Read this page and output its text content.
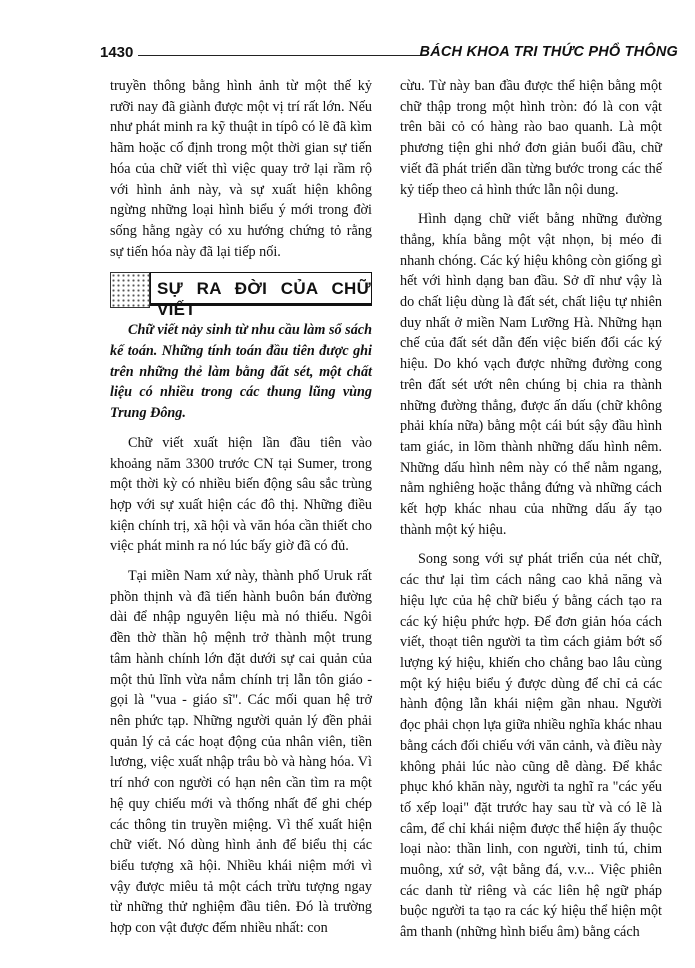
1430	BÁCH KHOA TRI THỨC PHỔ THÔNG

truyền thông bằng hình ảnh từ một thế kỷ rưỡi nay đã giành được một vị trí rất lớn. Nếu như phát minh ra kỹ thuật in típô có lẽ đã kìm hãm hoặc cố định trong một thời gian sự tiến hóa của chữ viết thì việc quay trở lại rầm rộ với hình ảnh này, và sự xuất hiện không ngừng những loại hình biểu ý mới trong đời sống hằng ngày có xu hướng chứng tỏ rằng sự tiến hóa này đã lại tiếp nối.

SỰ RA ĐỜI CỦA CHỮ VIẾT

Chữ viết nảy sinh từ nhu cầu làm sổ sách kế toán. Những tính toán đầu tiên được ghi trên những thẻ làm bằng đất sét, một chất liệu có nhiều trong các thung lũng vùng Trung Đông.

Chữ viết xuất hiện lần đầu tiên vào khoảng năm 3300 trước CN tại Sumer, trong một thời kỳ có nhiều biến động sâu sắc trùng hợp với sự xuất hiện các đô thị. Những điều kiện chính trị, xã hội và văn hóa cần thiết cho việc phát minh ra nó lúc bấy giờ đã có đủ.

Tại miền Nam xứ này, thành phố Uruk rất phồn thịnh và đã tiến hành buôn bán đường dài để nhập nguyên liệu mà nó thiếu. Ngôi đền thờ thần hộ mệnh trở thành một trung tâm hành chính lớn đặt dưới sự cai quản của một thủ lĩnh vừa nắm chính trị lẫn tôn giáo - gọi là "vua - giáo sĩ". Các mối quan hệ trở nên phức tạp. Những người quản lý đền phải quản lý cả các hoạt động của nhân viên, tiền lương, việc xuất nhập trâu bò và hàng hóa. Vì trí nhớ con người có hạn nên cần tìm ra một hệ quy chiếu mới và thống nhất để ghi chép các thông tin truyền miệng. Vì thế xuất hiện chữ viết. Nó dùng hình ảnh để biểu thị các biểu tượng xã hội. Nhiều khái niệm mới vì vậy được miêu tả một cách trừu tượng ngay từ những thử nghiệm đầu tiên. Đó là trường hợp con vật được đếm nhiều nhất: con

cừu. Từ này ban đầu được thể hiện bằng một chữ thập trong một hình tròn: đó là con vật trên bãi cỏ có hàng rào bao quanh. Là một phương tiện ghi nhớ đơn giản buổi đầu, chữ viết đã phát triển dần từng bước trong các thế kỷ tiếp theo cả hình thức lẫn nội dung.

Hình dạng chữ viết bằng những đường thẳng, khía bằng một vật nhọn, bị méo đi nhanh chóng. Các ký hiệu không còn giống gì hết với hình dạng ban đầu. Sở dĩ như vậy là do chất liệu dùng là đất sét, chất liệu tự nhiên duy nhất ở miền Nam Lưỡng Hà. Những hạn chế của đất sét dẫn đến việc biến đổi các ký hiệu. Do khó vạch được những đường cong trên đất sét ướt nên chúng bị chia ra thành những đường thẳng, được ấn dấu (chữ không phải khía nữa) bằng một cái bút sậy đầu hình tam giác, in lõm thành những dấu hình nêm. Những dấu hình nêm này có thể nằm ngang, nằm nghiêng hoặc thẳng đứng và những cách kết hợp khác nhau của những dấu ấy tạo thành một ký hiệu.

Song song với sự phát triển của nét chữ, các thư lại tìm cách nâng cao khả năng và hiệu lực của hệ chữ biểu ý bằng cách tạo ra các ký hiệu phức hợp. Để đơn giản hóa cách viết, thoạt tiên người ta tìm cách giảm bớt số lượng ký hiệu, khiến cho chẳng bao lâu cùng một ký hiệu biểu ý được dùng để chỉ cả các hành động lẫn khái niệm gần nhau. Người đọc phải chọn lựa giữa nhiều nghĩa khác nhau bằng cách đối chiếu với văn cảnh, và điều này không phải lúc nào cũng dễ dàng. Để khắc phục khó khăn này, người ta nghĩ ra "các yếu tố xếp loại" đặt trước hay sau từ và có lẽ là câm, để chỉ khái niệm được thể hiện ấy thuộc loại nào: thần linh, con người, tinh tú, chim muông, xứ sở, vật bằng đá, v.v... Việc phiên các danh từ riêng và các liên hệ ngữ pháp buộc người ta tạo ra các ký hiệu thể hiện một âm thanh (những hình biểu âm) bằng cách
